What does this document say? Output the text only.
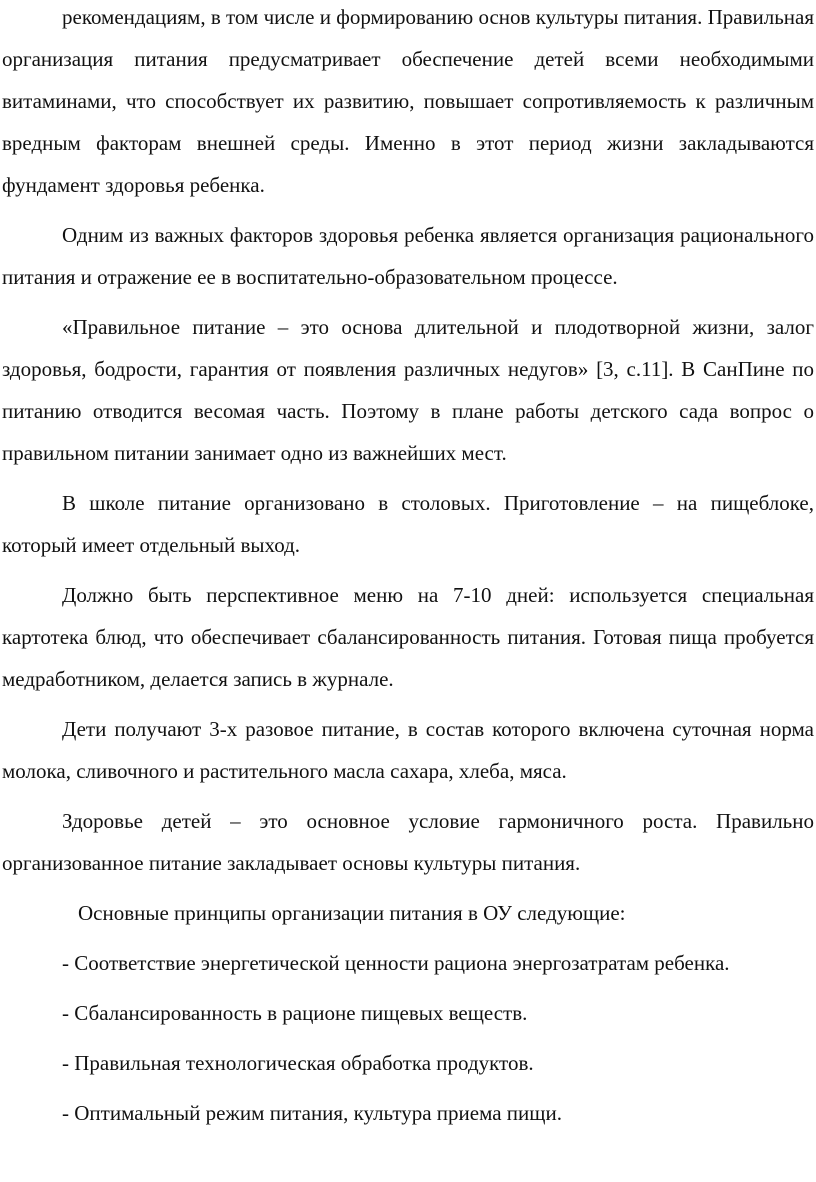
рекомендациям, в том числе и формированию основ культуры питания. Правильная организация питания предусматривает обеспечение детей всеми необходимыми витаминами, что способствует их развитию, повышает сопротивляемость к различным вредным факторам внешней среды. Именно в этот период жизни закладываются фундамент здоровья ребенка.

Одним из важных факторов здоровья ребенка является организация рационального питания и отражение ее в воспитательно-образовательном процессе.

«Правильное питание – это основа длительной и плодотворной жизни, залог здоровья, бодрости, гарантия от появления различных недугов» [3, с.11]. В СанПине по питанию отводится весомая часть. Поэтому в плане работы детского сада вопрос о правильном питании занимает одно из важнейших мест.

В школе питание организовано в столовых. Приготовление – на пищеблоке, который имеет отдельный выход.

Должно быть перспективное меню на 7-10 дней: используется специальная картотека блюд, что обеспечивает сбалансированность питания. Готовая пища пробуется медработником, делается запись в журнале.

Дети получают 3-х разовое питание, в состав которого включена суточная норма молока, сливочного и растительного масла сахара, хлеба, мяса.

Здоровье детей – это основное условие гармоничного роста. Правильно организованное питание закладывает основы культуры питания.

Основные принципы организации питания в ОУ следующие:

- Соответствие энергетической ценности рациона энергозатратам ребенка.

- Сбалансированность в рационе пищевых веществ.

- Правильная технологическая обработка продуктов.

- Оптимальный режим питания, культура приема пищи.
